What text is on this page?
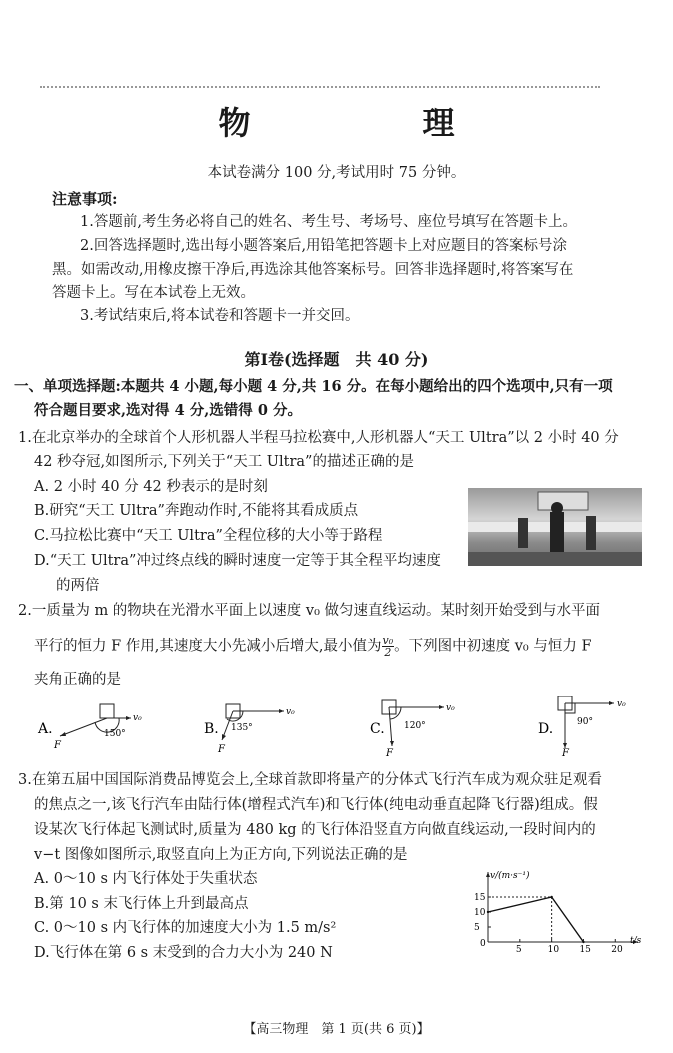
物　理
本试卷满分 100 分,考试用时 75 分钟。
注意事项:
1.答题前,考生务必将自己的姓名、考生号、考场号、座位号填写在答题卡上。
2.回答选择题时,选出每小题答案后,用铅笔把答题卡上对应题目的答案标号涂
黑。如需改动,用橡皮擦干净后,再选涂其他答案标号。回答非选择题时,将答案写在
答题卡上。写在本试卷上无效。
3.考试结束后,将本试卷和答题卡一并交回。
第Ⅰ卷(选择题　共 40 分)
一、单项选择题:本题共 4 小题,每小题 4 分,共 16 分。在每小题给出的四个选项中,只有一项
符合题目要求,选对得 4 分,选错得 0 分。
1.在北京举办的全球首个人形机器人半程马拉松赛中,人形机器人“天工 Ultra”以 2 小时 40 分
42 秒夺冠,如图所示,下列关于“天工 Ultra”的描述正确的是
A. 2 小时 40 分 42 秒表示的是时刻
B.研究“天工 Ultra”奔跑动作时,不能将其看成质点
C.马拉松比赛中“天工 Ultra”全程位移的大小等于路程
D.“天工 Ultra”冲过终点线的瞬时速度一定等于其全程平均速度
的两倍
2.一质量为 m 的物块在光滑水平面上以速度 v₀ 做匀速直线运动。某时刻开始受到与水平面
平行的恒力 F 作用,其速度大小先减小后增大,最小值为 $\frac{\text{v₀}}{2}$ 。下列图中初速度 v₀ 与恒力 F
夹角正确的是
A.
v₀
F
150°	B.
v₀
F
135°	C.
v₀
F
120°	D.
v₀
F
90°
3.在第五届中国国际消费品博览会上,全球首款即将量产的分体式飞行汽车成为观众驻足观看
的焦点之一,该飞行汽车由陆行体(增程式汽车)和飞行体(纯电动垂直起降飞行器)组成。假
设某次飞行体起飞测试时,质量为 480 kg 的飞行体沿竖直方向做直线运动,一段时间内的
v−t 图像如图所示,取竖直向上为正方向,下列说法正确的是
A. 0～10 s 内飞行体处于失重状态
B.第 10 s 末飞行体上升到最高点
C. 0～10 s 内飞行体的加速度大小为 1.5 m/s²
D.飞行体在第 6 s 末受到的合力大小为 240 N
v/(m·s⁻¹)
t/s
0
5	10 15 20
5
10
15
【高三物理　第 1 页(共 6 页)】
